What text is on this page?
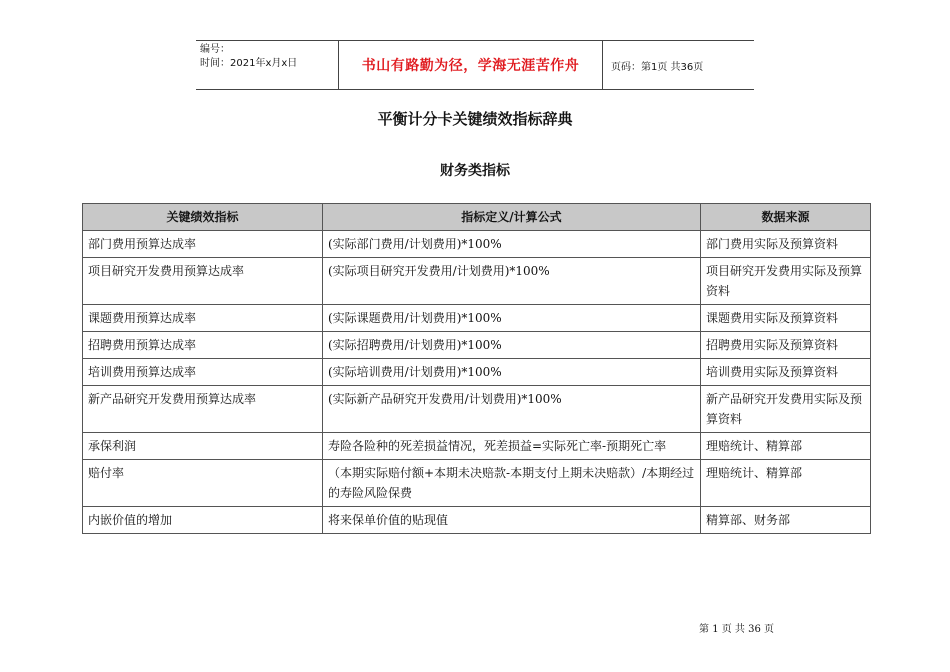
编号：
时间：2021年x月x日	书山有路勤为径，学海无涯苦作舟	页码：第1页 共36页
平衡计分卡关键绩效指标辞典
财务类指标
关键绩效指标	指标定义/计算公式	数据来源
部门费用预算达成率	(实际部门费用/计划费用)*100%	部门费用实际及预算资料
项目研究开发费用预算达成率	(实际项目研究开发费用/计划费用)*100%	项目研究开发费用实际及预算资料
课题费用预算达成率	(实际课题费用/计划费用)*100%	课题费用实际及预算资料
招聘费用预算达成率	(实际招聘费用/计划费用)*100%	招聘费用实际及预算资料
培训费用预算达成率	(实际培训费用/计划费用)*100%	培训费用实际及预算资料
新产品研究开发费用预算达成率	(实际新产品研究开发费用/计划费用)*100%	新产品研究开发费用实际及预算资料
承保利润	寿险各险种的死差损益情况，死差损益=实际死亡率-预期死亡率	理赔统计、精算部
赔付率	（本期实际赔付额+本期未决赔款-本期支付上期未决赔款）/本期经过的寿险风险保费	理赔统计、精算部
内嵌价值的增加	将来保单价值的贴现值	精算部、财务部
第 1 页 共 36 页
